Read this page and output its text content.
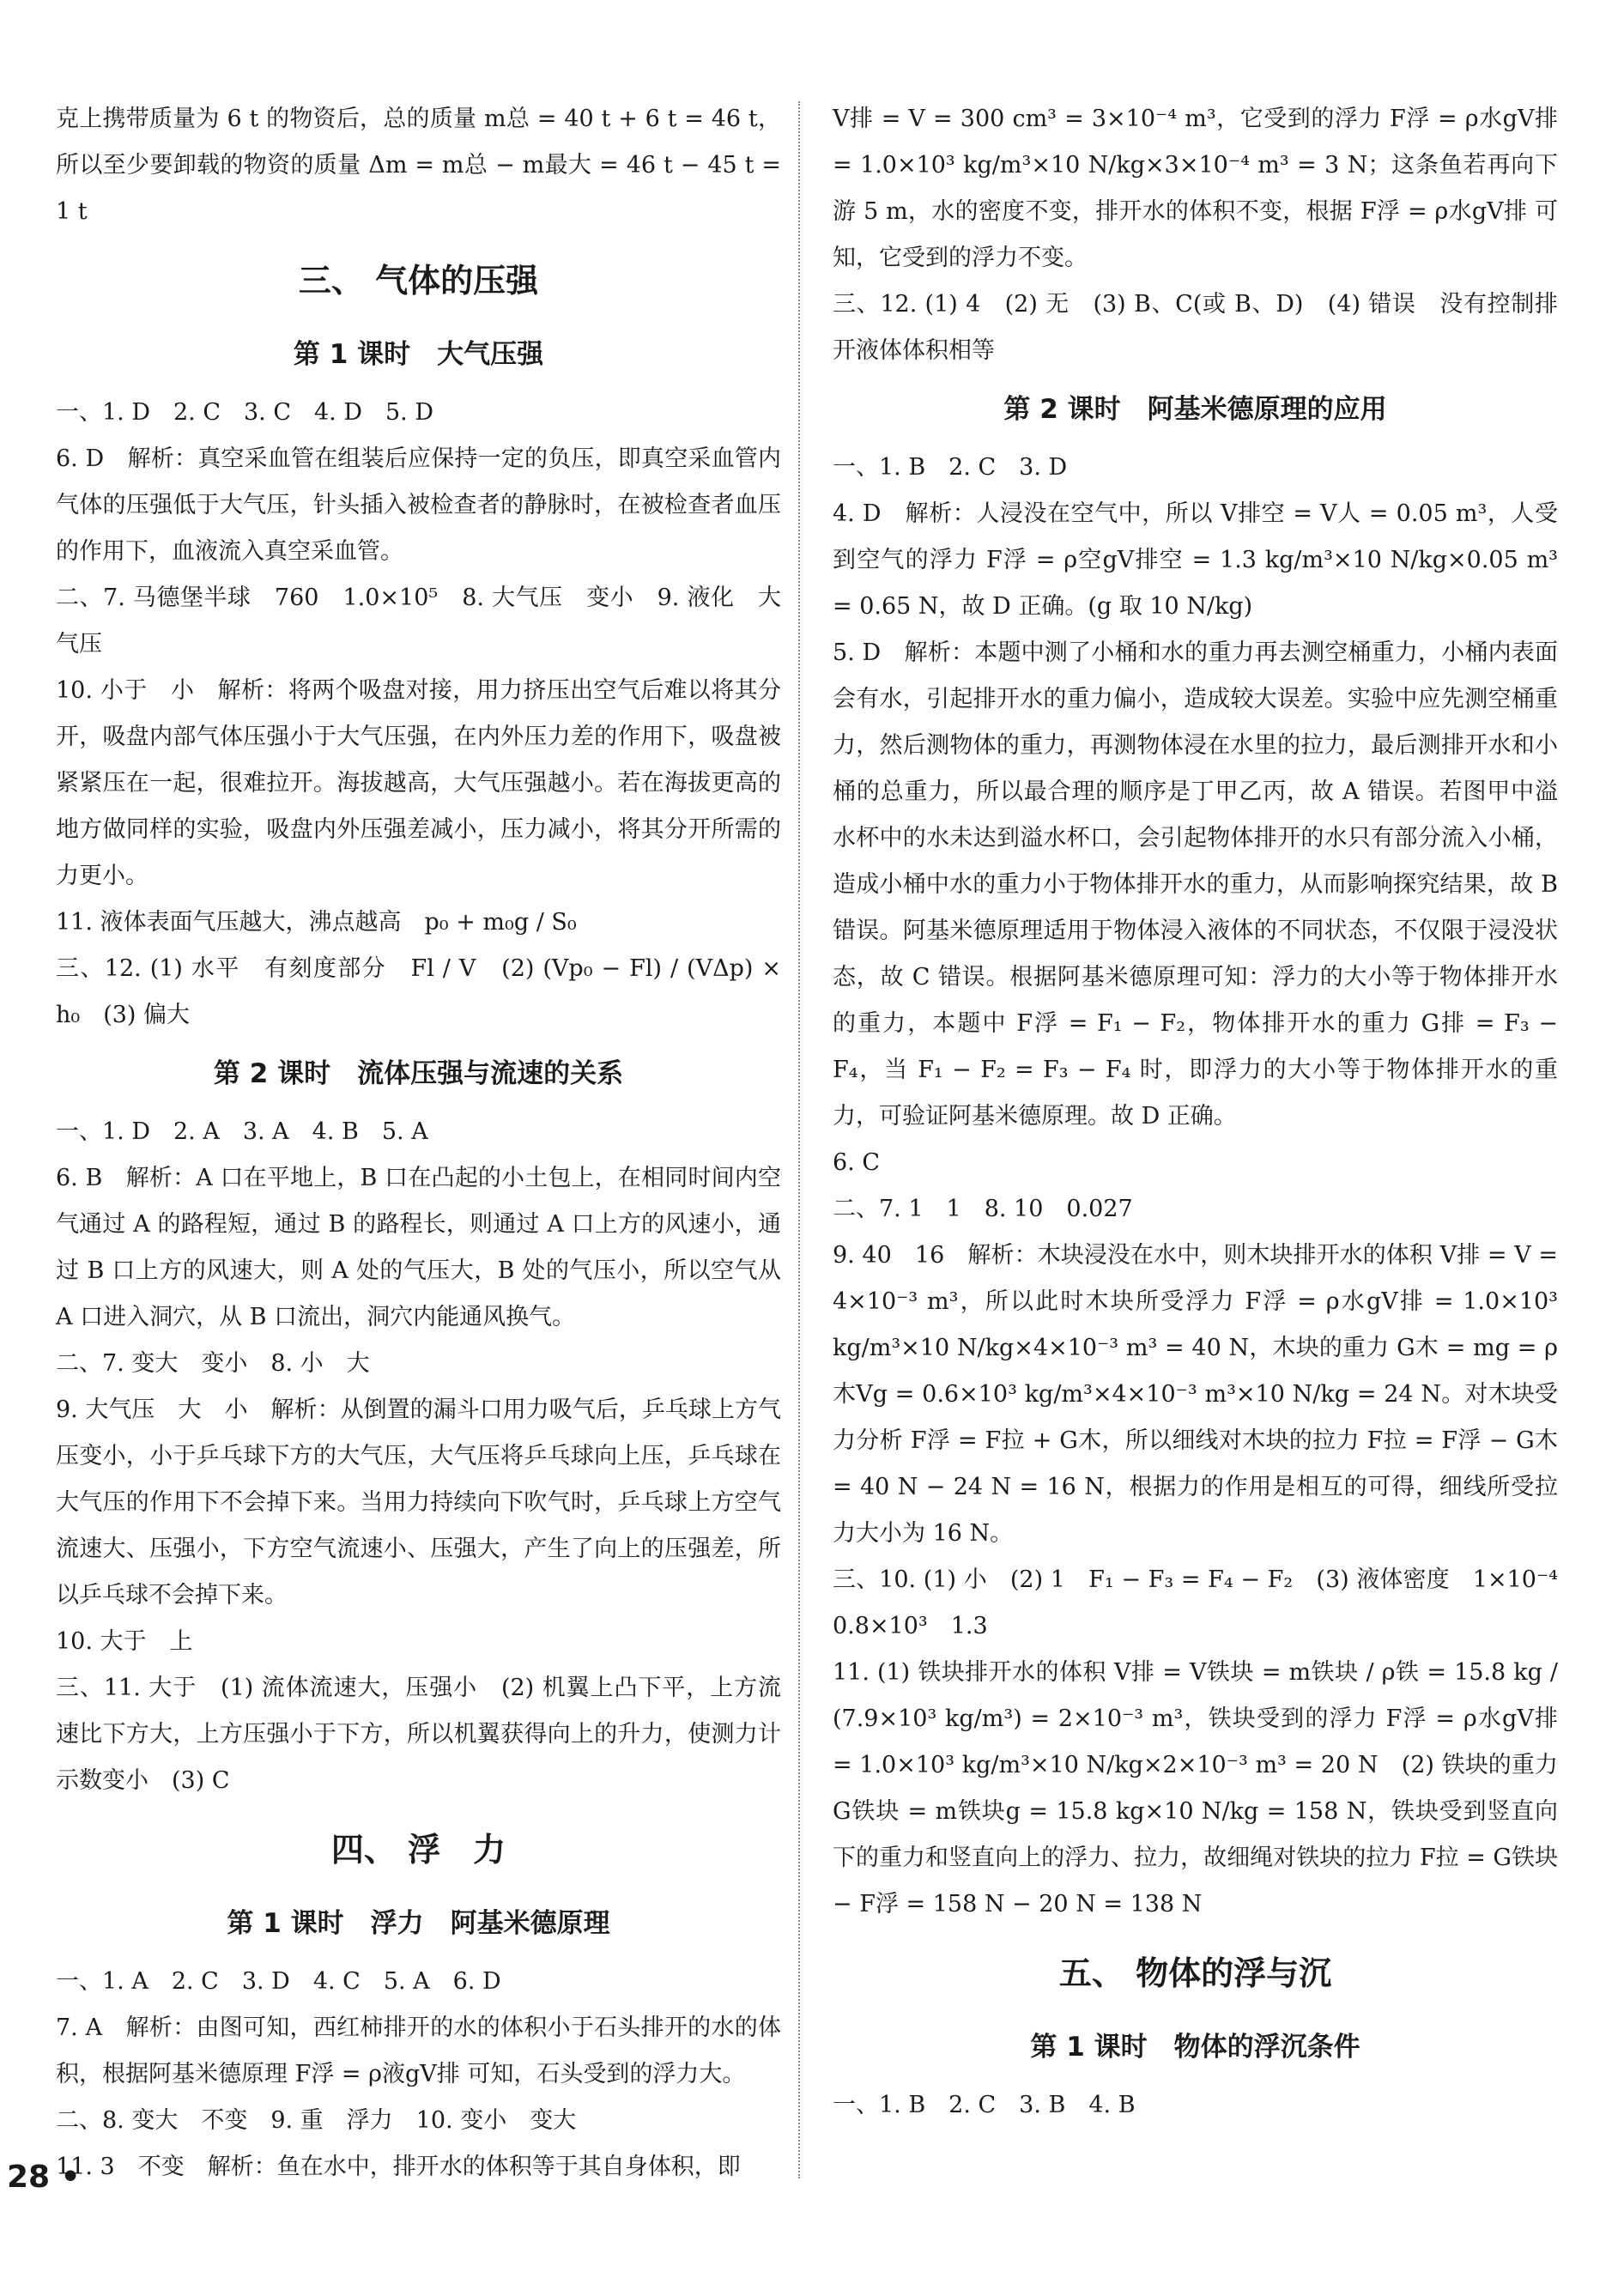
克上携带质量为 6 t 的物资后，总的质量 m总 = 40 t + 6 t = 46 t，所以至少要卸载的物资的质量 Δm = m总 − m最大 = 46 t − 45 t = 1 t
三、 气体的压强
第 1 课时　大气压强
一、1. D　2. C　3. C　4. D　5. D
6. D　解析：真空采血管在组装后应保持一定的负压，即真空采血管内气体的压强低于大气压，针头插入被检查者的静脉时，在被检查者血压的作用下，血液流入真空采血管。
二、7. 马德堡半球　760　1.0×10⁵　8. 大气压　变小　9. 液化　大气压
10. 小于　小　解析：将两个吸盘对接，用力挤压出空气后难以将其分开，吸盘内部气体压强小于大气压强，在内外压力差的作用下，吸盘被紧紧压在一起，很难拉开。海拔越高，大气压强越小。若在海拔更高的地方做同样的实验，吸盘内外压强差减小，压力减小，将其分开所需的力更小。
11. 液体表面气压越大，沸点越高　p₀ + m₀g / S₀
三、12. (1) 水平　有刻度部分　Fl / V　(2) (Vp₀ − Fl) / (VΔp) × h₀　(3) 偏大
第 2 课时　流体压强与流速的关系
一、1. D　2. A　3. A　4. B　5. A
6. B　解析：A 口在平地上，B 口在凸起的小土包上，在相同时间内空气通过 A 的路程短，通过 B 的路程长，则通过 A 口上方的风速小，通过 B 口上方的风速大，则 A 处的气压大，B 处的气压小，所以空气从 A 口进入洞穴，从 B 口流出，洞穴内能通风换气。
二、7. 变大　变小　8. 小　大
9. 大气压　大　小　解析：从倒置的漏斗口用力吸气后，乒乓球上方气压变小，小于乒乓球下方的大气压，大气压将乒乓球向上压，乒乓球在大气压的作用下不会掉下来。当用力持续向下吹气时，乒乓球上方空气流速大、压强小，下方空气流速小、压强大，产生了向上的压强差，所以乒乓球不会掉下来。
10. 大于　上
三、11. 大于　(1) 流体流速大，压强小　(2) 机翼上凸下平，上方流速比下方大，上方压强小于下方，所以机翼获得向上的升力，使测力计示数变小　(3) C
四、 浮　力
第 1 课时　浮力　阿基米德原理
一、1. A　2. C　3. D　4. C　5. A　6. D
7. A　解析：由图可知，西红柿排开的水的体积小于石头排开的水的体积，根据阿基米德原理 F浮 = ρ液gV排 可知，石头受到的浮力大。
二、8. 变大　不变　9. 重　浮力　10. 变小　变大
11. 3　不变　解析：鱼在水中，排开水的体积等于其自身体积，即
V排 = V = 300 cm³ = 3×10⁻⁴ m³，它受到的浮力 F浮 = ρ水gV排 = 1.0×10³ kg/m³×10 N/kg×3×10⁻⁴ m³ = 3 N；这条鱼若再向下游 5 m，水的密度不变，排开水的体积不变，根据 F浮 = ρ水gV排 可知，它受到的浮力不变。
三、12. (1) 4　(2) 无　(3) B、C(或 B、D)　(4) 错误　没有控制排开液体体积相等
第 2 课时　阿基米德原理的应用
一、1. B　2. C　3. D
4. D　解析：人浸没在空气中，所以 V排空 = V人 = 0.05 m³，人受到空气的浮力 F浮 = ρ空gV排空 = 1.3 kg/m³×10 N/kg×0.05 m³ = 0.65 N，故 D 正确。(g 取 10 N/kg)
5. D　解析：本题中测了小桶和水的重力再去测空桶重力，小桶内表面会有水，引起排开水的重力偏小，造成较大误差。实验中应先测空桶重力，然后测物体的重力，再测物体浸在水里的拉力，最后测排开水和小桶的总重力，所以最合理的顺序是丁甲乙丙，故 A 错误。若图甲中溢水杯中的水未达到溢水杯口，会引起物体排开的水只有部分流入小桶，造成小桶中水的重力小于物体排开水的重力，从而影响探究结果，故 B 错误。阿基米德原理适用于物体浸入液体的不同状态，不仅限于浸没状态，故 C 错误。根据阿基米德原理可知：浮力的大小等于物体排开水的重力，本题中 F浮 = F₁ − F₂，物体排开水的重力 G排 = F₃ − F₄，当 F₁ − F₂ = F₃ − F₄ 时，即浮力的大小等于物体排开水的重力，可验证阿基米德原理。故 D 正确。
6. C
二、7. 1　1　8. 10　0.027
9. 40　16　解析：木块浸没在水中，则木块排开水的体积 V排 = V = 4×10⁻³ m³，所以此时木块所受浮力 F浮 = ρ水gV排 = 1.0×10³ kg/m³×10 N/kg×4×10⁻³ m³ = 40 N，木块的重力 G木 = mg = ρ木Vg = 0.6×10³ kg/m³×4×10⁻³ m³×10 N/kg = 24 N。对木块受力分析 F浮 = F拉 + G木，所以细线对木块的拉力 F拉 = F浮 − G木 = 40 N − 24 N = 16 N，根据力的作用是相互的可得，细线所受拉力大小为 16 N。
三、10. (1) 小　(2) 1　F₁ − F₃ = F₄ − F₂　(3) 液体密度　1×10⁻⁴　0.8×10³　1.3
11. (1) 铁块排开水的体积 V排 = V铁块 = m铁块 / ρ铁 = 15.8 kg / (7.9×10³ kg/m³) = 2×10⁻³ m³，铁块受到的浮力 F浮 = ρ水gV排 = 1.0×10³ kg/m³×10 N/kg×2×10⁻³ m³ = 20 N　(2) 铁块的重力 G铁块 = m铁块g = 15.8 kg×10 N/kg = 158 N，铁块受到竖直向下的重力和竖直向上的浮力、拉力，故细绳对铁块的拉力 F拉 = G铁块 − F浮 = 158 N − 20 N = 138 N
五、 物体的浮与沉
第 1 课时　物体的浮沉条件
一、1. B　2. C　3. B　4. B
28 •
